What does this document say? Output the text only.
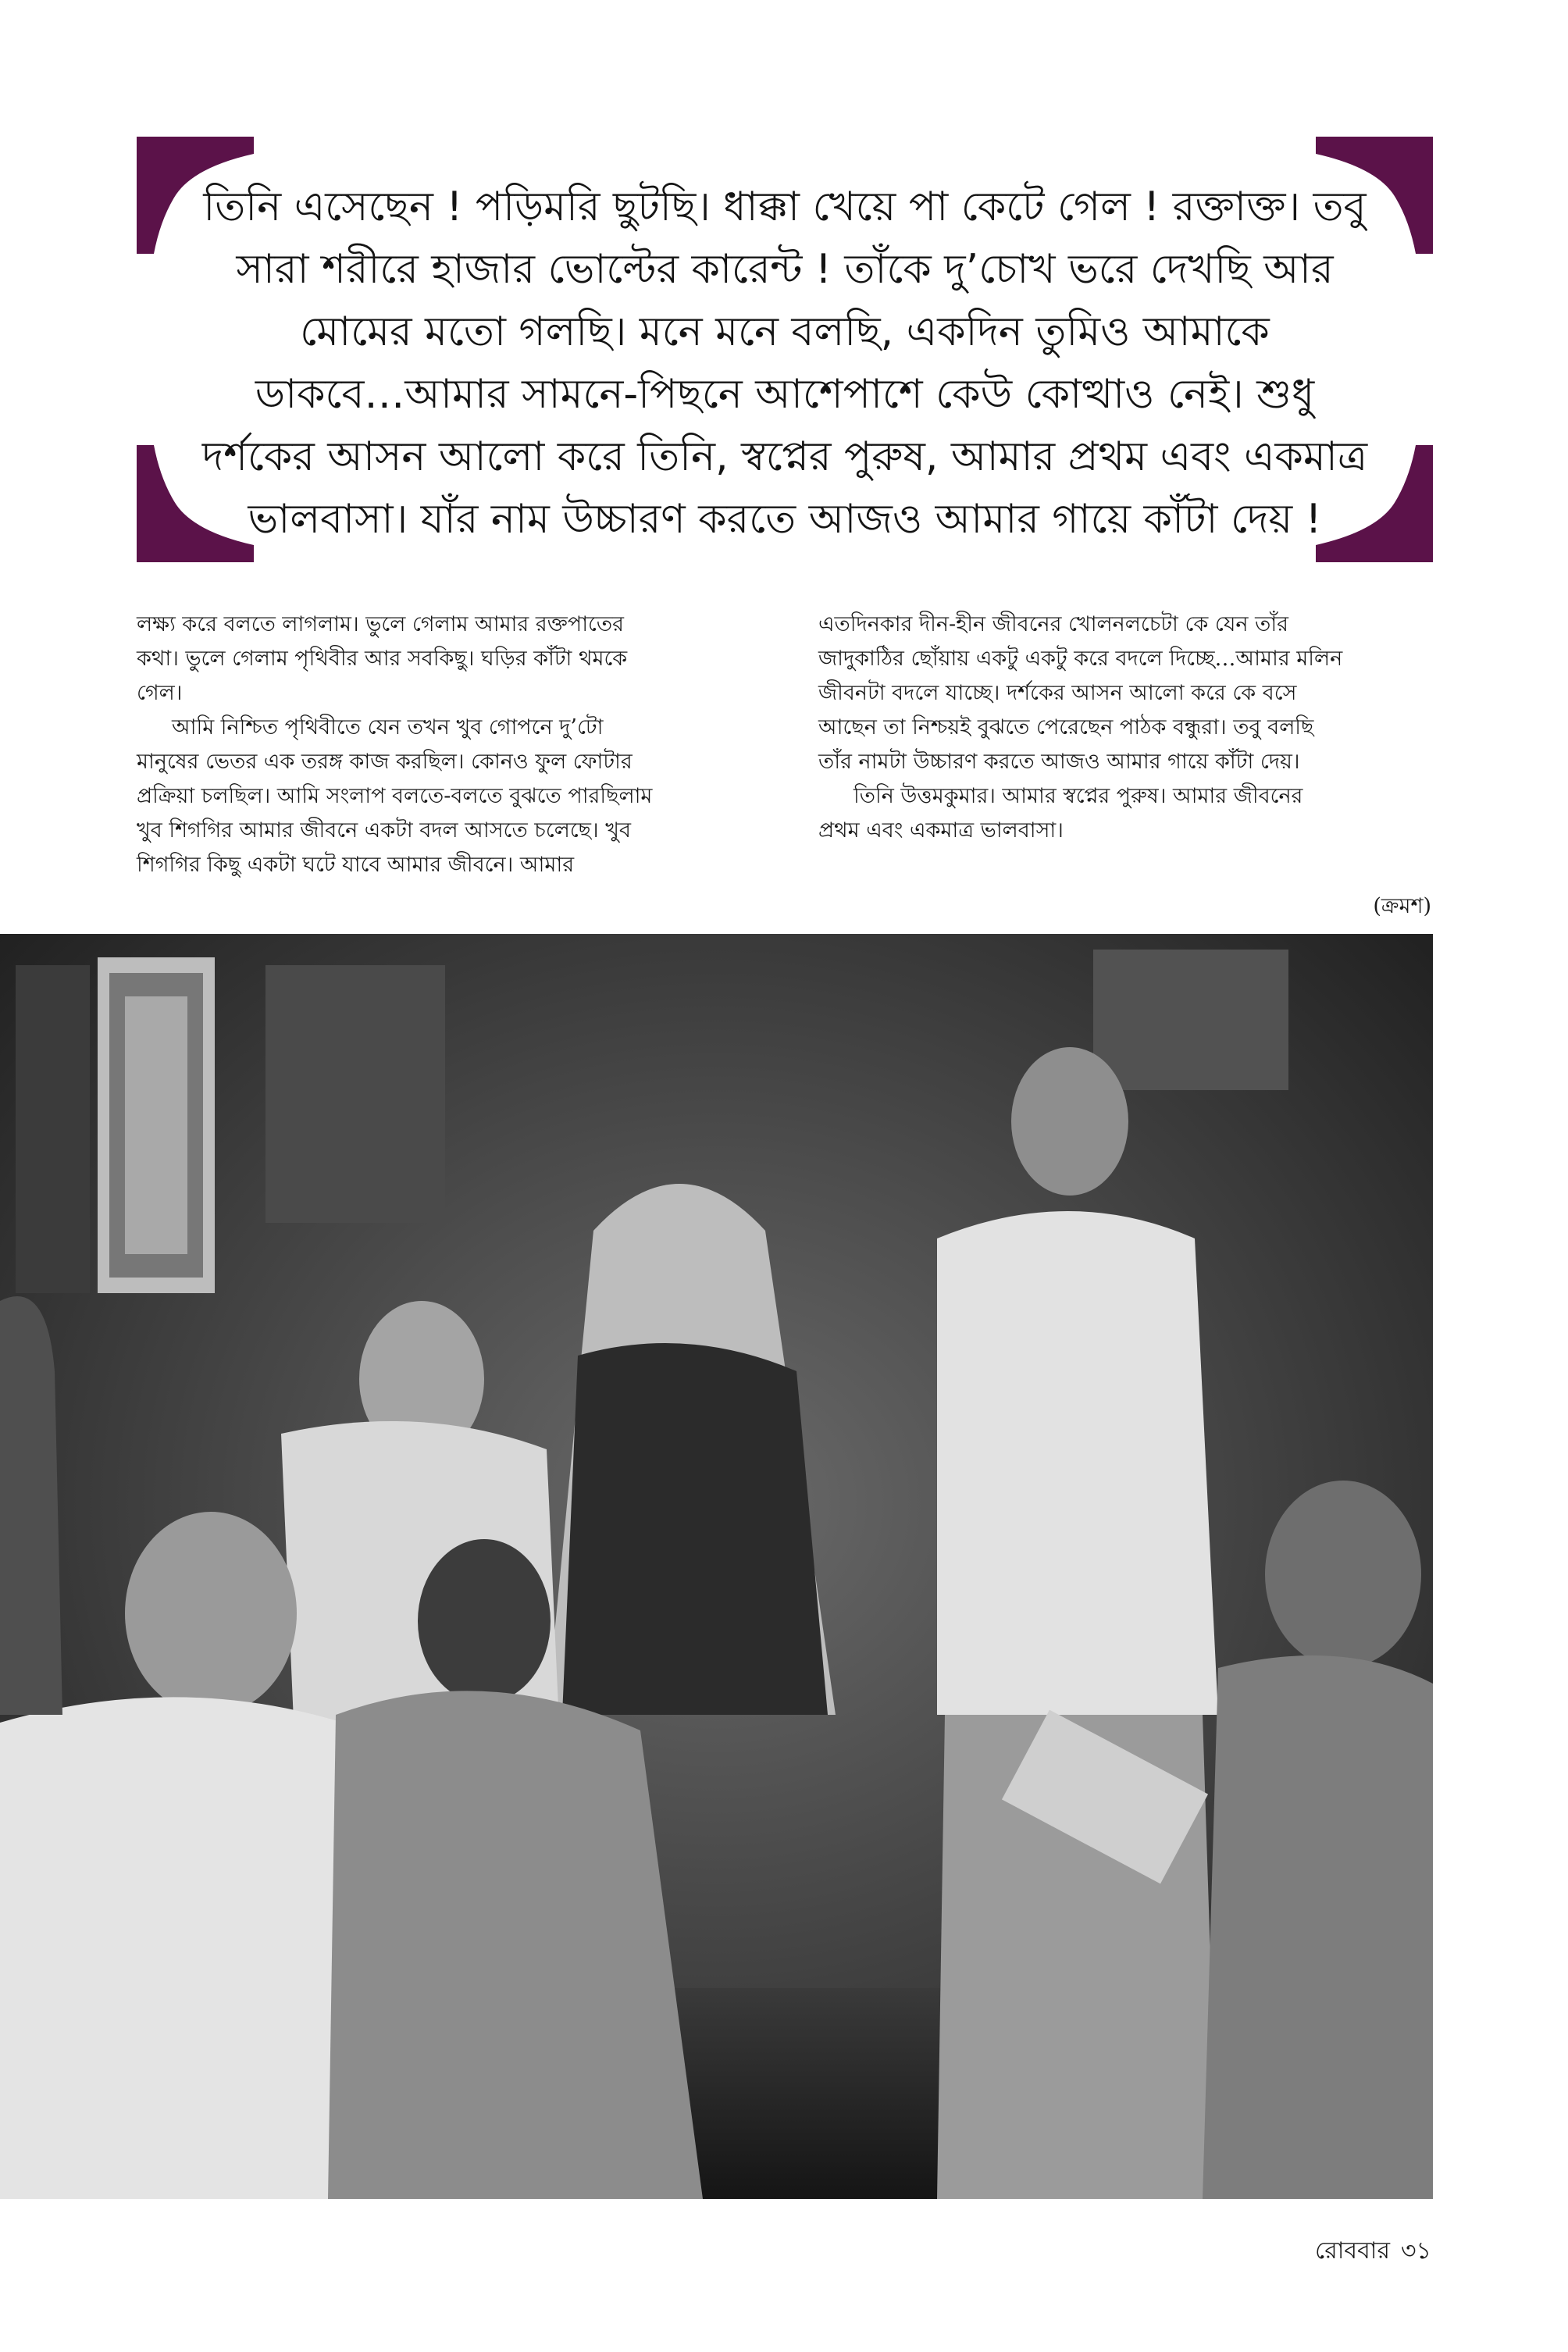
তিনি এসেছেন ! পড়িমরি ছুটছি। ধাক্কা খেয়ে পা কেটে গেল ! রক্তাক্ত। তবু
সারা শরীরে হাজার ভোল্টের কারেন্ট ! তাঁকে দু’চোখ ভরে দেখছি আর
মোমের মতো গলছি। মনে মনে বলছি, একদিন তুমিও আমাকে
ডাকবে…আমার সামনে-পিছনে আশেপাশে কেউ কোত্থাও নেই। শুধু
দর্শকের আসন আলো করে তিনি, স্বপ্নের পুরুষ, আমার প্রথম এবং একমাত্র
ভালবাসা। যাঁর নাম উচ্চারণ করতে আজও আমার গায়ে কাঁটা দেয় !

লক্ষ্য করে বলতে লাগলাম। ভুলে গেলাম আমার রক্তপাতের
কথা। ভুলে গেলাম পৃথিবীর আর সবকিছু। ঘড়ির কাঁটা থমকে
গেল।
আমি নিশ্চিত পৃথিবীতে যেন তখন খুব গোপনে দু’টো
মানুষের ভেতর এক তরঙ্গ কাজ করছিল। কোনও ফুল ফোটার
প্রক্রিয়া চলছিল। আমি সংলাপ বলতে-বলতে বুঝতে পারছিলাম
খুব শিগগির আমার জীবনে একটা বদল আসতে চলেছে। খুব
শিগগির কিছু একটা ঘটে যাবে আমার জীবনে। আমার
এতদিনকার দীন-হীন জীবনের খোলনলচেটা কে যেন তাঁর
জাদুকাঠির ছোঁয়ায় একটু একটু করে বদলে দিচ্ছে…আমার মলিন
জীবনটা বদলে যাচ্ছে। দর্শকের আসন আলো করে কে বসে
আছেন তা নিশ্চয়ই বুঝতে পেরেছেন পাঠক বন্ধুরা। তবু বলছি
তাঁর নামটা উচ্চারণ করতে আজও আমার গায়ে কাঁটা দেয়।
তিনি উত্তমকুমার। আমার স্বপ্নের পুরুষ। আমার জীবনের
প্রথম এবং একমাত্র ভালবাসা।
(ক্রমশ)
রোববার ৩১
